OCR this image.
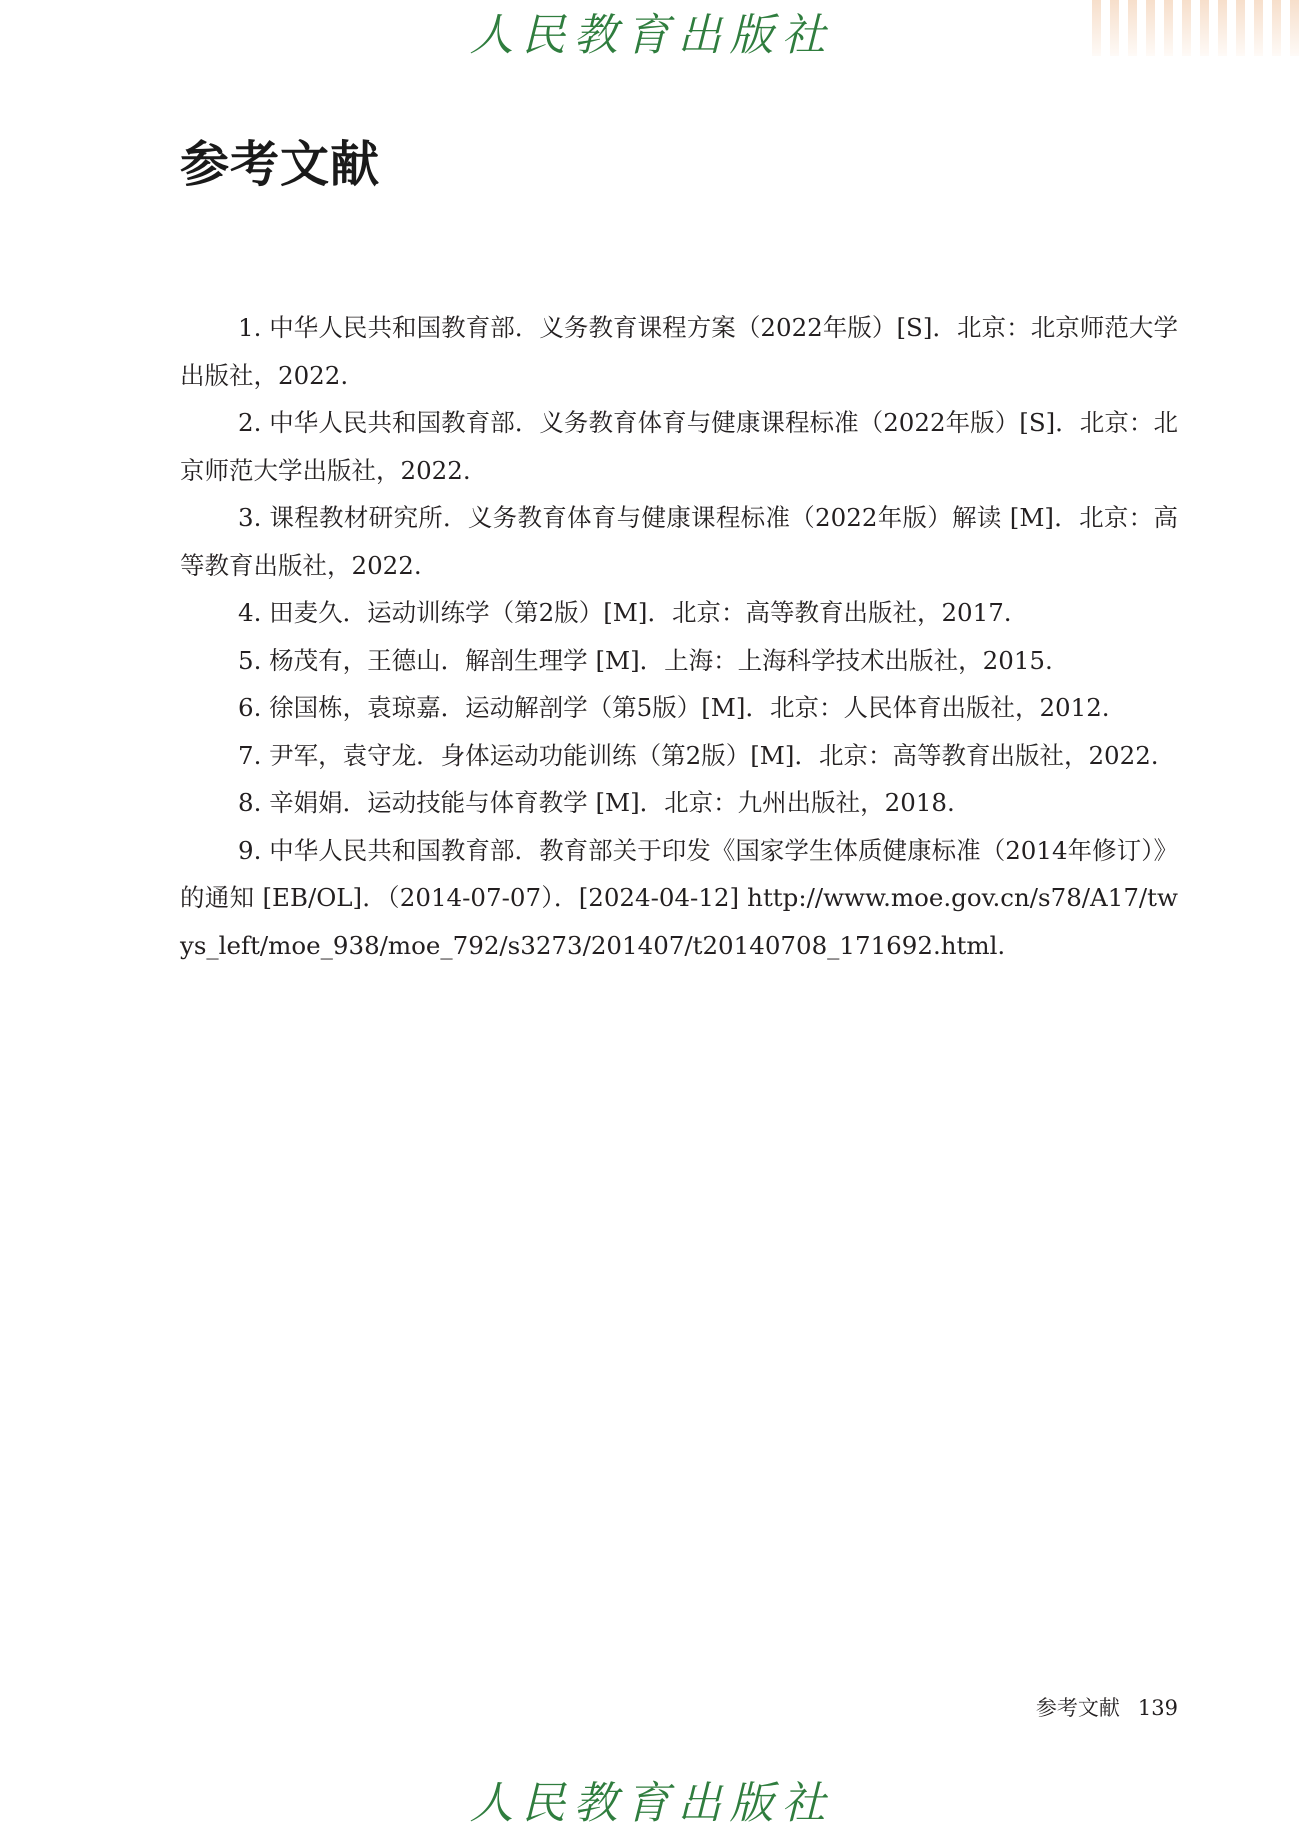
人民教育出版社
参考文献
1. 中华人民共和国教育部．义务教育课程方案（2022年版）[S]．北京：北京师范大学出版社，2022.
2. 中华人民共和国教育部．义务教育体育与健康课程标准（2022年版）[S]．北京：北京师范大学出版社，2022.
3. 课程教材研究所．义务教育体育与健康课程标准（2022年版）解读 [M]．北京：高等教育出版社，2022.
4. 田麦久．运动训练学（第2版）[M]．北京：高等教育出版社，2017.
5. 杨茂有，王德山．解剖生理学 [M]．上海：上海科学技术出版社，2015.
6. 徐国栋，袁琼嘉．运动解剖学（第5版）[M]．北京：人民体育出版社，2012.
7. 尹军，袁守龙．身体运动功能训练（第2版）[M]．北京：高等教育出版社，2022.
8. 辛娟娟．运动技能与体育教学 [M]．北京：九州出版社，2018.
9. 中华人民共和国教育部．教育部关于印发《国家学生体质健康标准（2014年修订）》的通知 [EB/OL]．（2014-07-07）．[2024-04-12] http://www.moe.gov.cn/s78/A17/twys_left/moe_938/moe_792/s3273/201407/t20140708_171692.html.
参考文献 139
人民教育出版社
